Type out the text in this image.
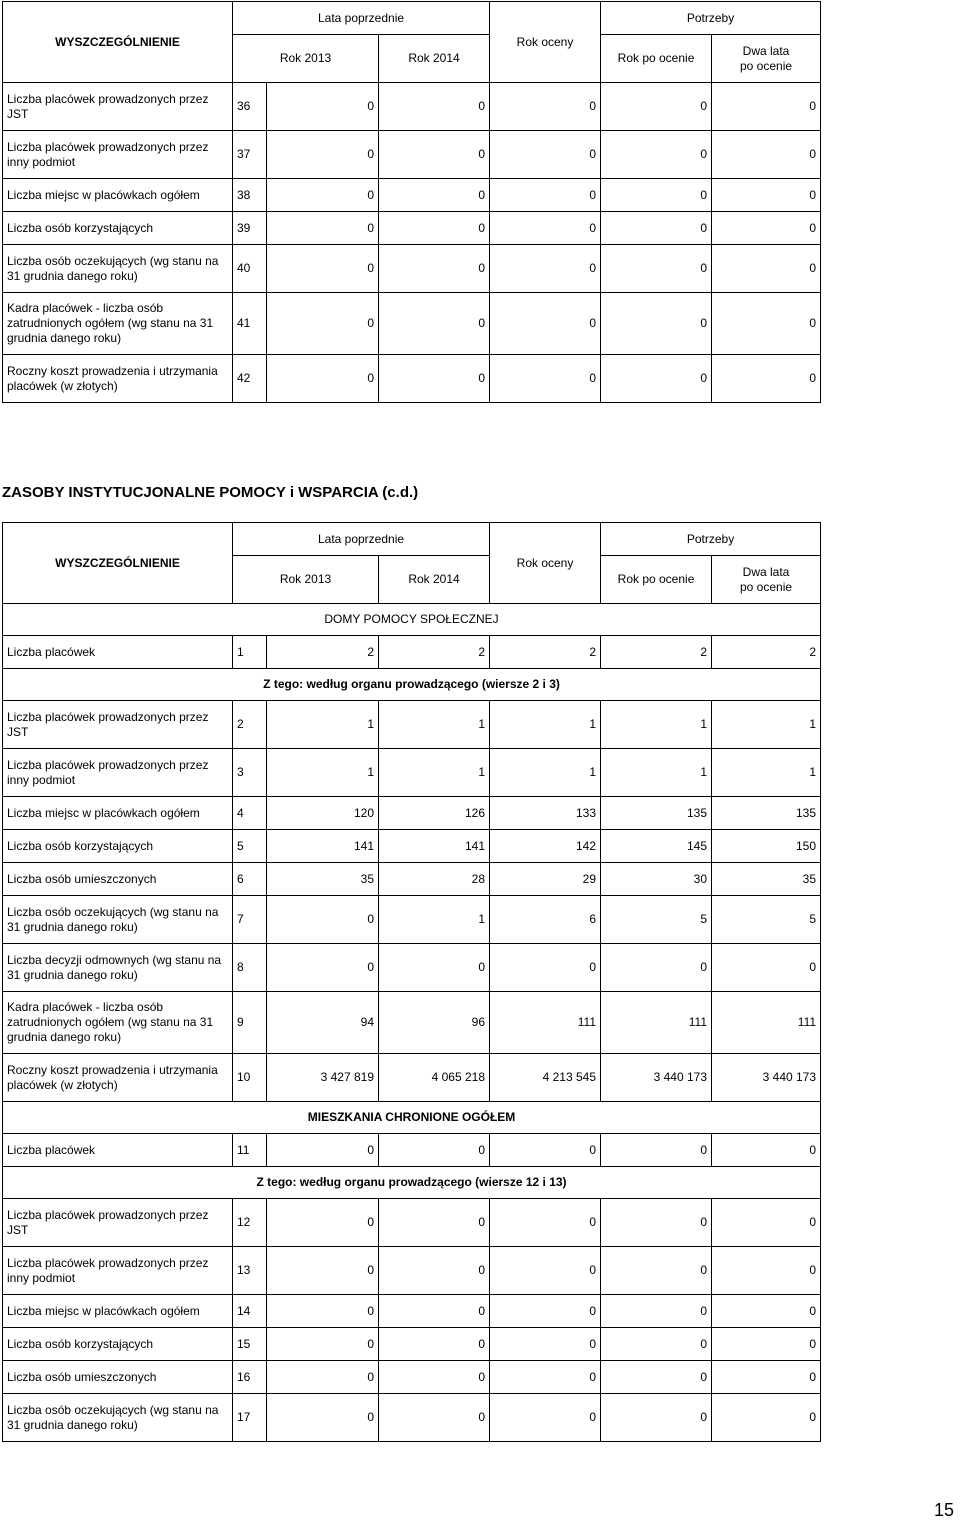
WYSZCZEGÓLNIENIE	Lata poprzednie			Rok oceny	Potrzeby	
	Rok 2013		Rok 2014		Rok po ocenie	Dwa lata
po ocenie
Liczba placówek prowadzonych przez JST	36	0	0	0	0	0
Liczba placówek prowadzonych przez inny podmiot	37	0	0	0	0	0
Liczba miejsc w placówkach ogółem	38	0	0	0	0	0
Liczba osób korzystających	39	0	0	0	0	0
Liczba osób oczekujących (wg stanu na 31 grudnia danego roku)	40	0	0	0	0	0
Kadra placówek - liczba osób zatrudnionych ogółem (wg stanu na 31 grudnia danego roku)	41	0	0	0	0	0
Roczny koszt prowadzenia i utrzymania placówek (w złotych)	42	0	0	0	0	0
ZASOBY INSTYTUCJONALNE POMOCY i WSPARCIA (c.d.)
WYSZCZEGÓLNIENIE	Lata poprzednie			Rok oceny	Potrzeby	
	Rok 2013		Rok 2014		Rok po ocenie	Dwa lata
po ocenie
DOMY POMOCY SPOŁECZNEJ						
Liczba placówek	1	2	2	2	2	2
Z tego: według organu prowadzącego (wiersze 2 i 3)						
Liczba placówek prowadzonych przez JST	2	1	1	1	1	1
Liczba placówek prowadzonych przez inny podmiot	3	1	1	1	1	1
Liczba miejsc w placówkach ogółem	4	120	126	133	135	135
Liczba osób korzystających	5	141	141	142	145	150
Liczba osób umieszczonych	6	35	28	29	30	35
Liczba osób oczekujących (wg stanu na 31 grudnia danego roku)	7	0	1	6	5	5
Liczba decyzji odmownych (wg stanu na 31 grudnia danego roku)	8	0	0	0	0	0
Kadra placówek - liczba osób zatrudnionych ogółem (wg stanu na 31 grudnia danego roku)	9	94	96	111	111	111
Roczny koszt prowadzenia i utrzymania placówek (w złotych)	10	3 427 819	4 065 218	4 213 545	3 440 173	3 440 173
MIESZKANIA CHRONIONE OGÓŁEM						
Liczba placówek	11	0	0	0	0	0
Z tego: według organu prowadzącego (wiersze 12 i 13)						
Liczba placówek prowadzonych przez JST	12	0	0	0	0	0
Liczba placówek prowadzonych przez inny podmiot	13	0	0	0	0	0
Liczba miejsc w placówkach ogółem	14	0	0	0	0	0
Liczba osób korzystających	15	0	0	0	0	0
Liczba osób umieszczonych	16	0	0	0	0	0
Liczba osób oczekujących (wg stanu na 31 grudnia danego roku)	17	0	0	0	0	0
15
